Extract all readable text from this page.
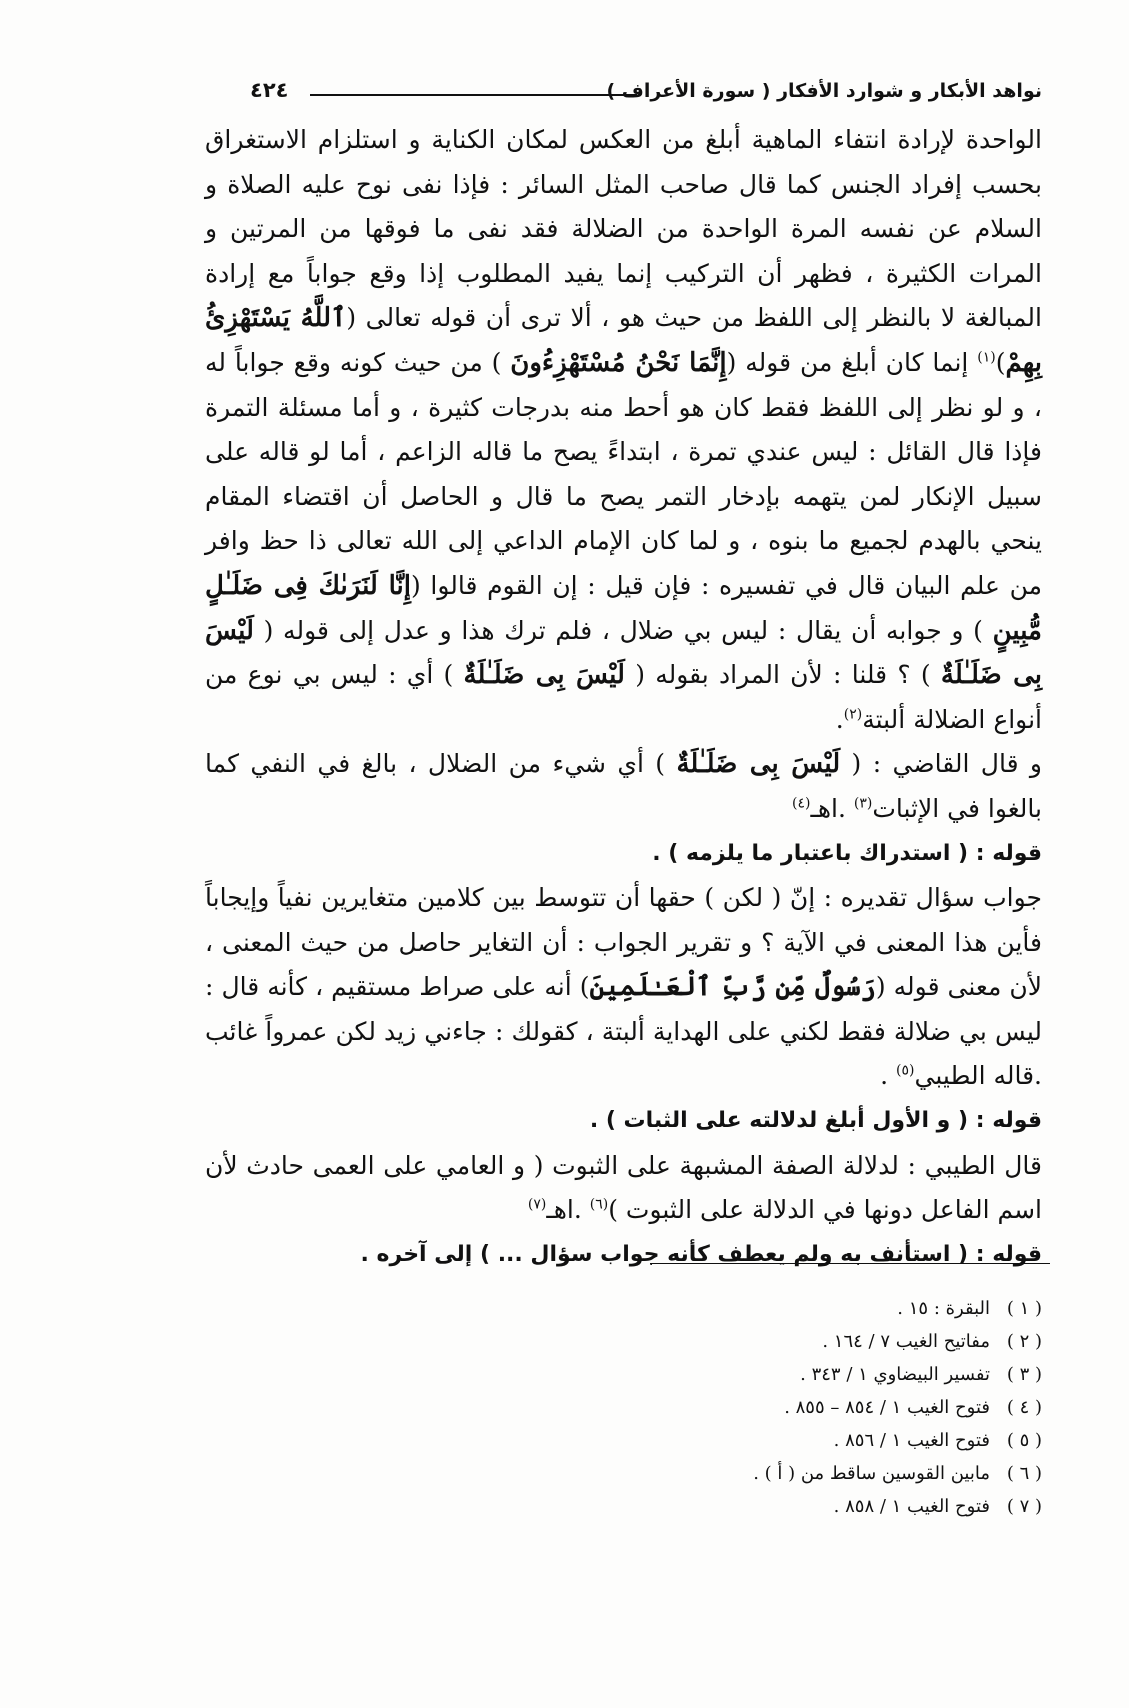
نواهد الأبكار و شوارد الأفكار ( سورة الأعراف )
٤٢٤

الواحدة لإرادة انتفاء الماهية أبلغ من العكس لمكان الكناية و استلزام الاستغراق بحسب إفراد الجنس كما قال صاحب المثل السائر : فإذا نفى نوح عليه الصلاة و السلام عن نفسه المرة الواحدة من الضلالة فقد نفى ما فوقها من المرتين و المرات الكثيرة ، فظهر أن التركيب إنما يفيد المطلوب إذا وقع جواباً مع إرادة المبالغة لا بالنظر إلى اللفظ من حيث هو ، ألا ترى أن قوله تعالى (ٱللَّهُ يَسْتَهْزِئُ بِهِمْ)$^{(١)}$ إنما كان أبلغ من قوله (إِنَّمَا نَحْنُ مُسْتَهْزِءُونَ ) من حيث كونه وقع جواباً له ، و لو نظر إلى اللفظ فقط كان هو أحط منه بدرجات كثيرة ، و أما مسئلة التمرة فإذا قال القائل : ليس عندي تمرة ، ابتداءً يصح ما قاله الزاعم ، أما لو قاله على سبيل الإنكار لمن يتهمه بإدخار التمر يصح ما قال و الحاصل أن اقتضاء المقام ينحي بالهدم لجميع ما بنوه ، و لما كان الإمام الداعي إلى الله تعالى ذا حظ وافر من علم البيان قال في تفسيره : فإن قيل : إن القوم قالوا (إِنَّا لَنَرَىٰكَ فِى ضَلَـٰلٍ مُّبِينٍ ) و جوابه أن يقال : ليس بي ضلال ، فلم ترك هذا و عدل إلى قوله ( لَيْسَ بِى ضَلَـٰلَةٌ ) ؟ قلنا : لأن المراد بقوله ( لَيْسَ بِى ضَلَـٰلَةٌ ) أي : ليس بي نوع من أنواع الضلالة ألبتة$^{(٢)}$.

و قال القاضي : ( لَيْسَ بِى ضَلَـٰلَةٌ ) أي شيء من الضلال ، بالغ في النفي كما بالغوا في الإثبات$^{(٣)}$ .اهـ$^{(٤)}$

قوله : ( استدراك باعتبار ما يلزمه ) .

جواب سؤال تقديره : إنّ ( لكن ) حقها أن تتوسط بين كلامين متغايرين نفياً وإيجاباً فأين هذا المعنى في الآية ؟ و تقرير الجواب : أن التغاير حاصل من حيث المعنى ، لأن معنى قوله (رَسُولٌ مِّن رَّبِّ ٱلْعَـٰلَمِينَ) أنه على صراط مستقيم ، كأنه قال : ليس بي ضلالة فقط لكني على الهداية ألبتة ، كقولك : جاءني زيد لكن عمرواً غائب .قاله الطيبي$^{(٥)}$ .

قوله : ( و الأول أبلغ لدلالته على الثبات ) .

قال الطيبي : لدلالة الصفة المشبهة على الثبوت ( و العامي على العمى حادث لأن اسم الفاعل دونها في الدلالة على الثبوت )$^{(٦)}$ .اهـ$^{(٧)}$

قوله : ( استأنف به ولم يعطف كأنه جواب سؤال ... ) إلى آخره .

( ١ )البقرة : ١٥ .
( ٢ )مفاتيح الغيب ٧ / ١٦٤ .
( ٣ )تفسير البيضاوي ١ / ٣٤٣ .
( ٤ )فتوح الغيب ١ / ٨٥٤ – ٨٥٥ .
( ٥ )فتوح الغيب ١ / ٨٥٦ .
( ٦ )مابين القوسين ساقط من ( أ ) .
( ٧ )فتوح الغيب ١ / ٨٥٨ .
